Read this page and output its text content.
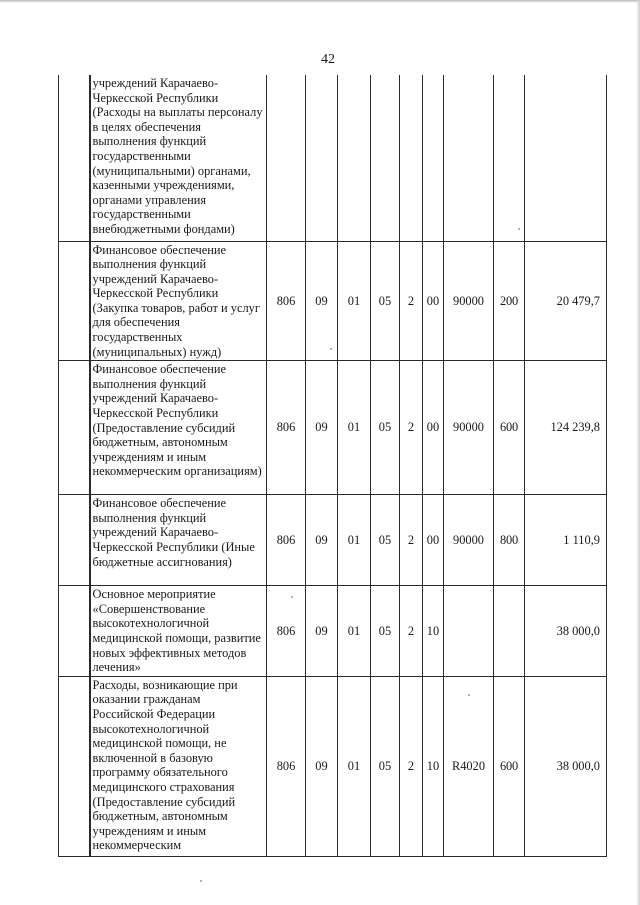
42
	учреждений Карачаево-Черкесской Республики (Расходы на выплаты персоналу в целях обеспечения выполнения функций государственными (муниципальными) органами, казенными учреждениями, органами управления государственными внебюджетными фондами)									
	Финансовое обеспечение выполнения функций учреждений Карачаево-Черкесской Республики (Закупка товаров, работ и услуг для обеспечения государственных (муниципальных) нужд)	806	09	01	05	2	00	90000	200	20 479,7
	Финансовое обеспечение выполнения функций учреждений Карачаево-Черкесской Республики (Предоставление субсидий бюджетным, автономным учреждениям и иным некоммерческим организациям)	806	09	01	05	2	00	90000	600	124 239,8
	Финансовое обеспечение выполнения функций учреждений Карачаево-Черкесской Республики (Иные бюджетные ассигнования)	806	09	01	05	2	00	90000	800	1 110,9
	Основное мероприятие «Совершенствование высокотехнологичной медицинской помощи, развитие новых эффективных методов лечения»	806	09	01	05	2	10			38 000,0
	Расходы, возникающие при оказании гражданам Российской Федерации высокотехнологичной медицинской помощи, не включенной в базовую программу обязательного медицинского страхования (Предоставление субсидий бюджетным, автономным учреждениям и иным некоммерческим	806	09	01	05	2	10	R4020	600	38 000,0
